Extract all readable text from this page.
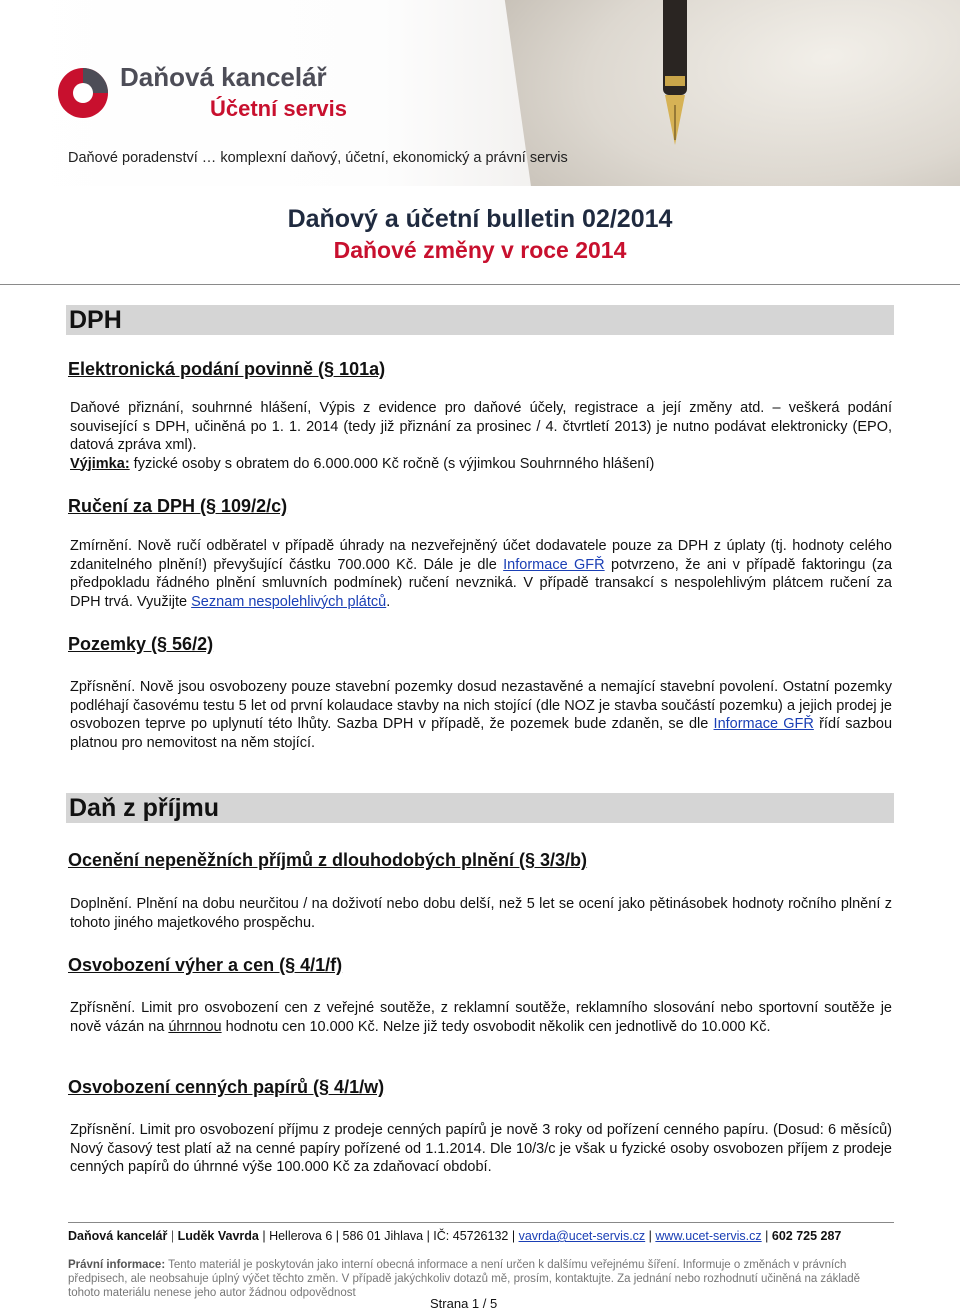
Daňová kancelář
Účetní servis
Daňové poradenství … komplexní daňový, účetní, ekonomický a právní servis
Daňový a účetní bulletin 02/2014
Daňové změny v roce 2014
DPH
Elektronická podání povinně (§ 101a)
Daňové přiznání, souhrnné hlášení, Výpis z evidence pro daňové účely, registrace a její změny atd. – veškerá podání související s DPH, učiněná po 1. 1. 2014 (tedy již přiznání za prosinec / 4. čtvrtletí 2013) je nutno podávat elektronicky (EPO, datová zpráva xml).
Výjimka: fyzické osoby s obratem do 6.000.000 Kč ročně (s výjimkou Souhrnného hlášení)
Ručení za DPH (§ 109/2/c)
Zmírnění. Nově ručí odběratel v případě úhrady na nezveřejněný účet dodavatele pouze za DPH z úplaty (tj. hodnoty celého zdanitelného plnění!) převyšující částku 700.000 Kč. Dále je dle Informace GFŘ potvrzeno, že ani v případě faktoringu (za předpokladu řádného plnění smluvních podmínek) ručení nevzniká. V případě transakcí s nespolehlivým plátcem ručení za DPH trvá. Využijte Seznam nespolehlivých plátců.
Pozemky (§ 56/2)
Zpřísnění. Nově jsou osvobozeny pouze stavební pozemky dosud nezastavěné a nemající stavební povolení. Ostatní pozemky podléhají časovému testu 5 let od první kolaudace stavby na nich stojící (dle NOZ je stavba součástí pozemku) a jejich prodej je osvobozen teprve po uplynutí této lhůty. Sazba DPH v případě, že pozemek bude zdaněn, se dle Informace GFŘ řídí sazbou platnou pro nemovitost na něm stojící.
Daň z příjmu
Ocenění nepeněžních příjmů z dlouhodobých plnění (§ 3/3/b)
Doplnění. Plnění na dobu neurčitou / na doživotí nebo dobu delší, než 5 let se ocení jako pětinásobek hodnoty ročního plnění z tohoto jiného majetkového prospěchu.
Osvobození výher a cen (§ 4/1/f)
Zpřísnění. Limit pro osvobození cen z veřejné soutěže, z reklamní soutěže, reklamního slosování nebo sportovní soutěže je nově vázán na úhrnnou hodnotu cen 10.000 Kč. Nelze již tedy osvobodit několik cen jednotlivě do 10.000 Kč.
Osvobození cenných papírů (§ 4/1/w)
Zpřísnění. Limit pro osvobození příjmu z prodeje cenných papírů je nově 3 roky od pořízení cenného papíru. (Dosud: 6 měsíců) Nový časový test platí až na cenné papíry pořízené od 1.1.2014. Dle 10/3/c je však u fyzické osoby osvobozen příjem z prodeje cenných papírů do úhrnné výše 100.000 Kč za zdaňovací období.
Daňová kancelář | Luděk Vavrda | Hellerova 6 | 586 01 Jihlava | IČ: 45726132 | vavrda@ucet-servis.cz | www.ucet-servis.cz | 602 725 287
Právní informace: Tento materiál je poskytován jako interní obecná informace a není určen k dalšímu veřejnému šíření. Informuje o změnách v právních předpisech, ale neobsahuje úplný výčet těchto změn. V případě jakýchkoliv dotazů mě, prosím, kontaktujte. Za jednání nebo rozhodnutí učiněná na základě tohoto materiálu nenese jeho autor žádnou odpovědnost
Strana 1 / 5
